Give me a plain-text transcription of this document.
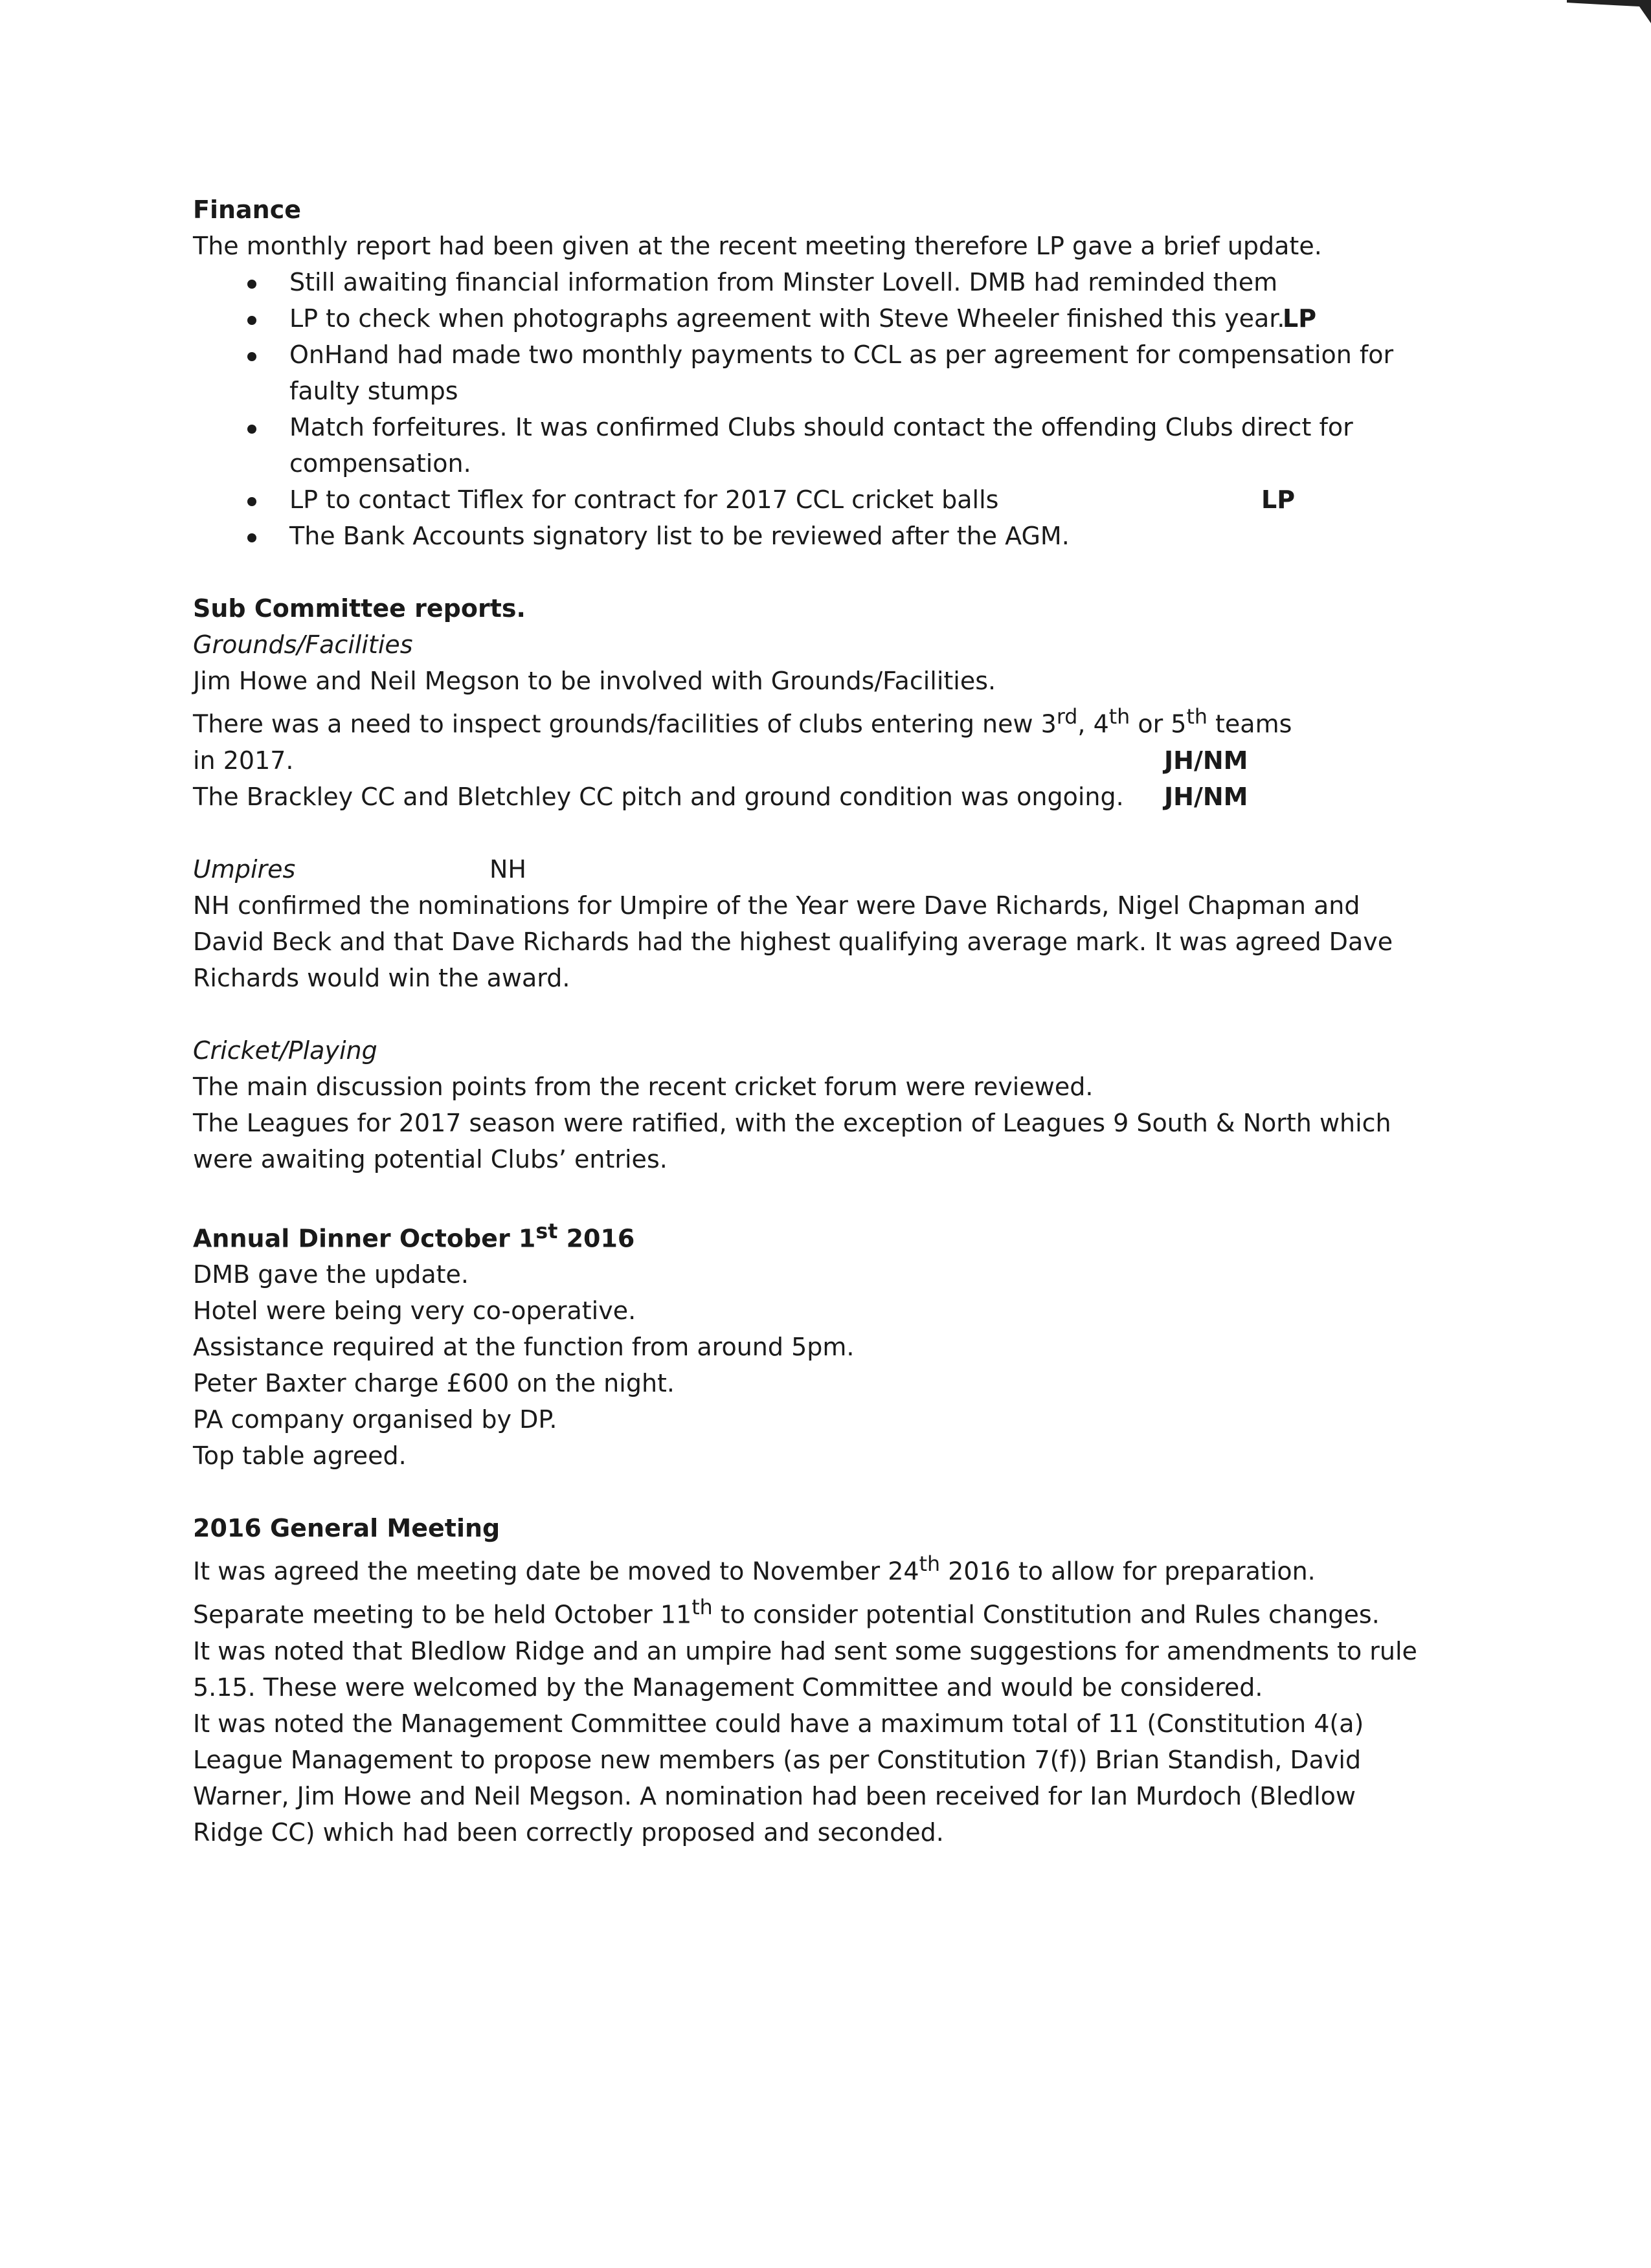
Finance

The monthly report had been given at the recent meeting therefore LP gave a brief update.

Still awaiting financial information from Minster Lovell. DMB had reminded them
LP to check when photographs agreement with Steve Wheeler finished this year.
LP
OnHand had made two monthly payments to CCL as per agreement for compensation for
faulty stumps
Match forfeitures. It was confirmed Clubs should contact the offending Clubs direct for
compensation.
LP to contact Tiflex for contract for 2017 CCL cricket balls	LP
The Bank Accounts signatory list to be reviewed after the AGM.

Sub Committee reports.

Grounds/Facilities

Jim Howe and Neil Megson to be involved with Grounds/Facilities.

There was a need to inspect grounds/facilities of clubs entering new 3rd, 4th or 5th teams

in 2017.	JH/NM

The Brackley CC and Bletchley CC pitch and ground condition was ongoing. JH/NM

Umpires	NH

NH confirmed the nominations for Umpire of the Year were Dave Richards, Nigel Chapman and

David Beck and that Dave Richards had the highest qualifying average mark. It was agreed Dave

Richards would win the award.

Cricket/Playing

The main discussion points from the recent cricket forum were reviewed.

The Leagues for 2017 season were ratified, with the exception of Leagues 9 South & North which

were awaiting potential Clubs’ entries.

Annual Dinner October 1st 2016

DMB gave the update.

Hotel were being very co-operative.

Assistance required at the function from around 5pm.

Peter Baxter charge £600 on the night.

PA company organised by DP.

Top table agreed.

2016 General Meeting

It was agreed the meeting date be moved to November 24th 2016 to allow for preparation.

Separate meeting to be held October 11th to consider potential Constitution and Rules changes.

It was noted that Bledlow Ridge and an umpire had sent some suggestions for amendments to rule

5.15. These were welcomed by the Management Committee and would be considered.

It was noted the Management Committee could have a maximum total of 11 (Constitution 4(a)

League Management to propose new members (as per Constitution 7(f)) Brian Standish, David

Warner, Jim Howe and Neil Megson. A nomination had been received for Ian Murdoch (Bledlow

Ridge CC) which had been correctly proposed and seconded.
